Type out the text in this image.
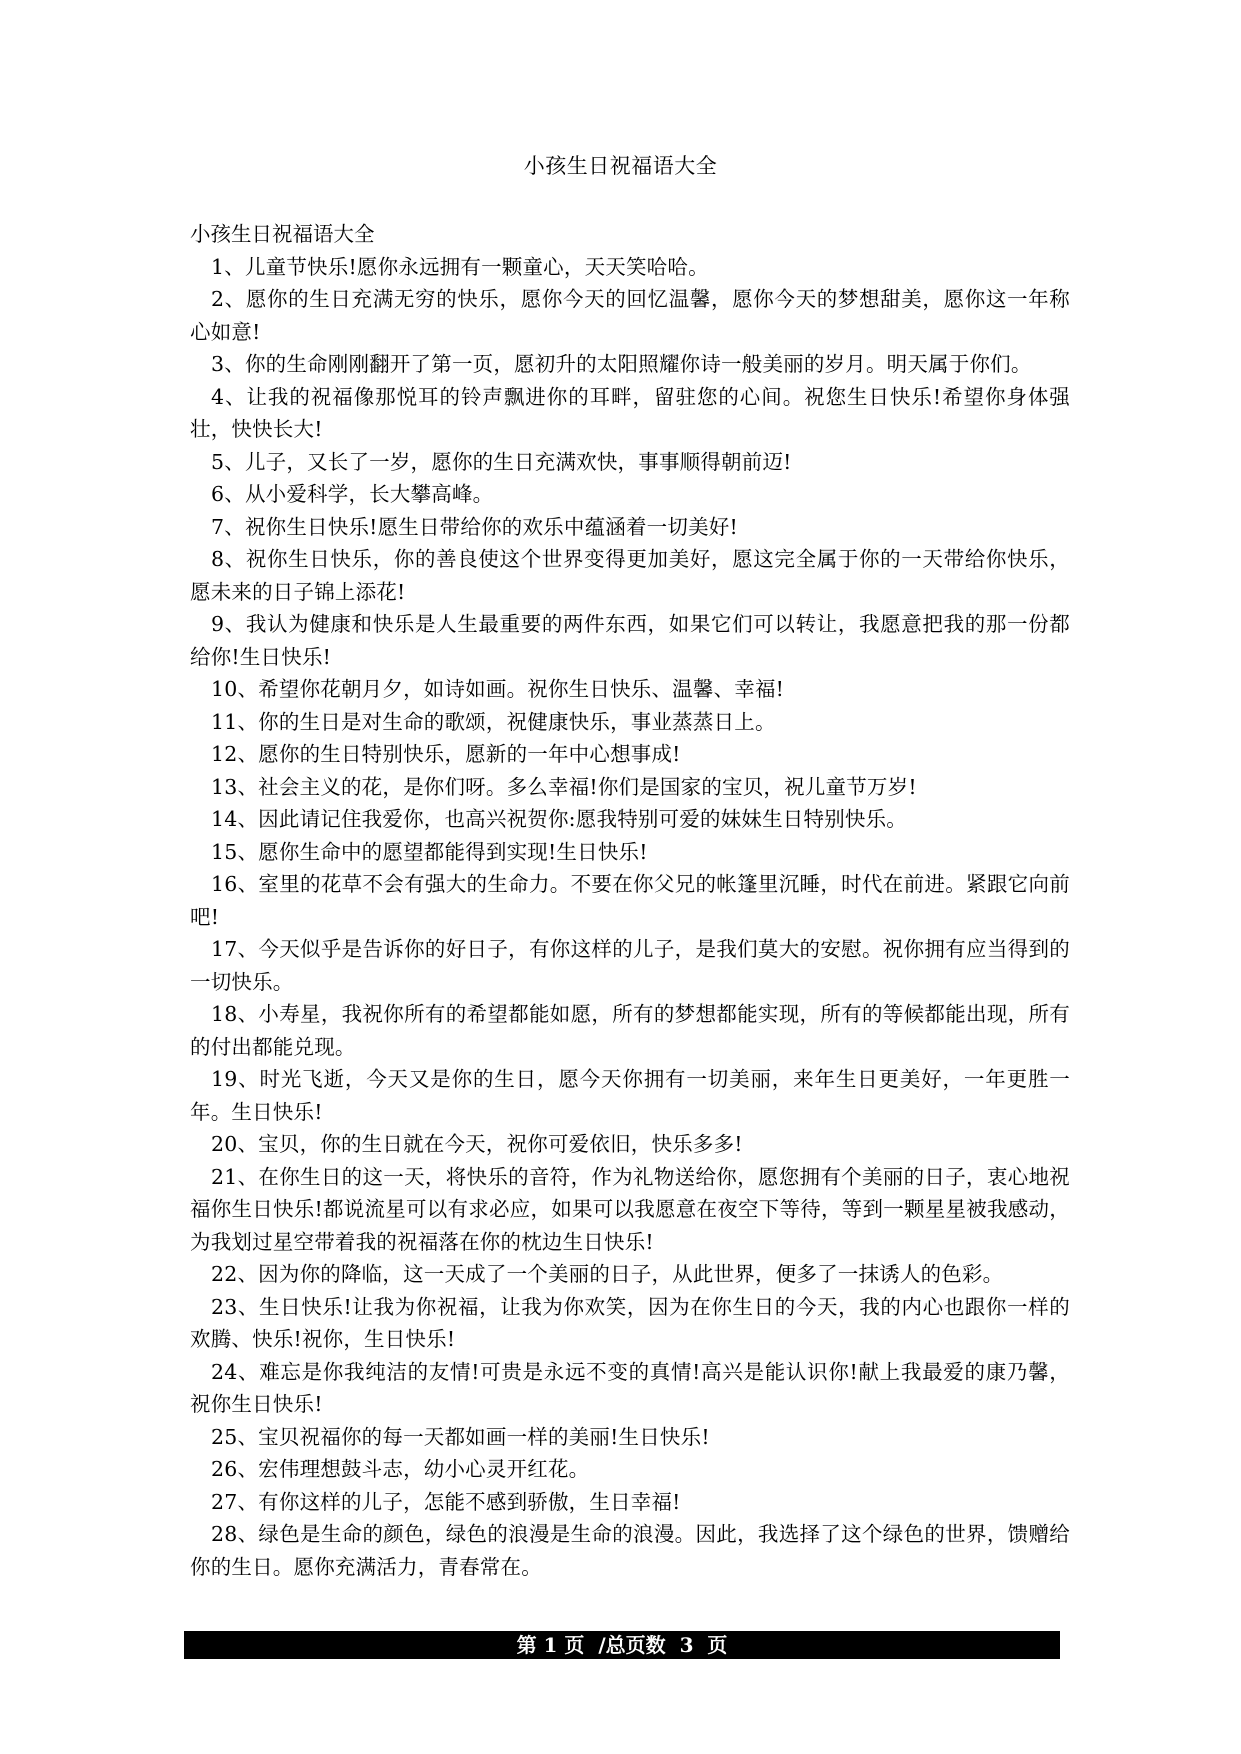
小孩生日祝福语大全

小孩生日祝福语大全

1、儿童节快乐!愿你永远拥有一颗童心，天天笑哈哈。
2、愿你的生日充满无穷的快乐，愿你今天的回忆温馨，愿你今天的梦想甜美，愿你这一年称心如意!
3、你的生命刚刚翻开了第一页，愿初升的太阳照耀你诗一般美丽的岁月。明天属于你们。
4、让我的祝福像那悦耳的铃声飘进你的耳畔，留驻您的心间。祝您生日快乐!希望你身体强壮，快快长大!
5、儿子，又长了一岁，愿你的生日充满欢快，事事顺得朝前迈!
6、从小爱科学，长大攀高峰。
7、祝你生日快乐!愿生日带给你的欢乐中蕴涵着一切美好!
8、祝你生日快乐，你的善良使这个世界变得更加美好，愿这完全属于你的一天带给你快乐，愿未来的日子锦上添花!
9、我认为健康和快乐是人生最重要的两件东西，如果它们可以转让，我愿意把我的那一份都给你!生日快乐!
10、希望你花朝月夕，如诗如画。祝你生日快乐、温馨、幸福!
11、你的生日是对生命的歌颂，祝健康快乐，事业蒸蒸日上。
12、愿你的生日特别快乐，愿新的一年中心想事成!
13、社会主义的花，是你们呀。多么幸福!你们是国家的宝贝，祝儿童节万岁!
14、因此请记住我爱你，也高兴祝贺你:愿我特别可爱的妹妹生日特别快乐。
15、愿你生命中的愿望都能得到实现!生日快乐!
16、室里的花草不会有强大的生命力。不要在你父兄的帐篷里沉睡，时代在前进。紧跟它向前吧!
17、今天似乎是告诉你的好日子，有你这样的儿子，是我们莫大的安慰。祝你拥有应当得到的一切快乐。
18、小寿星，我祝你所有的希望都能如愿，所有的梦想都能实现，所有的等候都能出现，所有的付出都能兑现。
19、时光飞逝，今天又是你的生日，愿今天你拥有一切美丽，来年生日更美好，一年更胜一年。生日快乐!
20、宝贝，你的生日就在今天，祝你可爱依旧，快乐多多!
21、在你生日的这一天，将快乐的音符，作为礼物送给你，愿您拥有个美丽的日子，衷心地祝福你生日快乐!都说流星可以有求必应，如果可以我愿意在夜空下等待，等到一颗星星被我感动，为我划过星空带着我的祝福落在你的枕边生日快乐!
22、因为你的降临，这一天成了一个美丽的日子，从此世界，便多了一抹诱人的色彩。
23、生日快乐!让我为你祝福，让我为你欢笑，因为在你生日的今天，我的内心也跟你一样的欢腾、快乐!祝你，生日快乐!
24、难忘是你我纯洁的友情!可贵是永远不变的真情!高兴是能认识你!献上我最爱的康乃馨，祝你生日快乐!
25、宝贝祝福你的每一天都如画一样的美丽!生日快乐!
26、宏伟理想鼓斗志，幼小心灵开红花。
27、有你这样的儿子，怎能不感到骄傲，生日幸福!
28、绿色是生命的颜色，绿色的浪漫是生命的浪漫。因此，我选择了这个绿色的世界，馈赠给你的生日。愿你充满活力，青春常在。
第 1 页  /总页数  3  页
